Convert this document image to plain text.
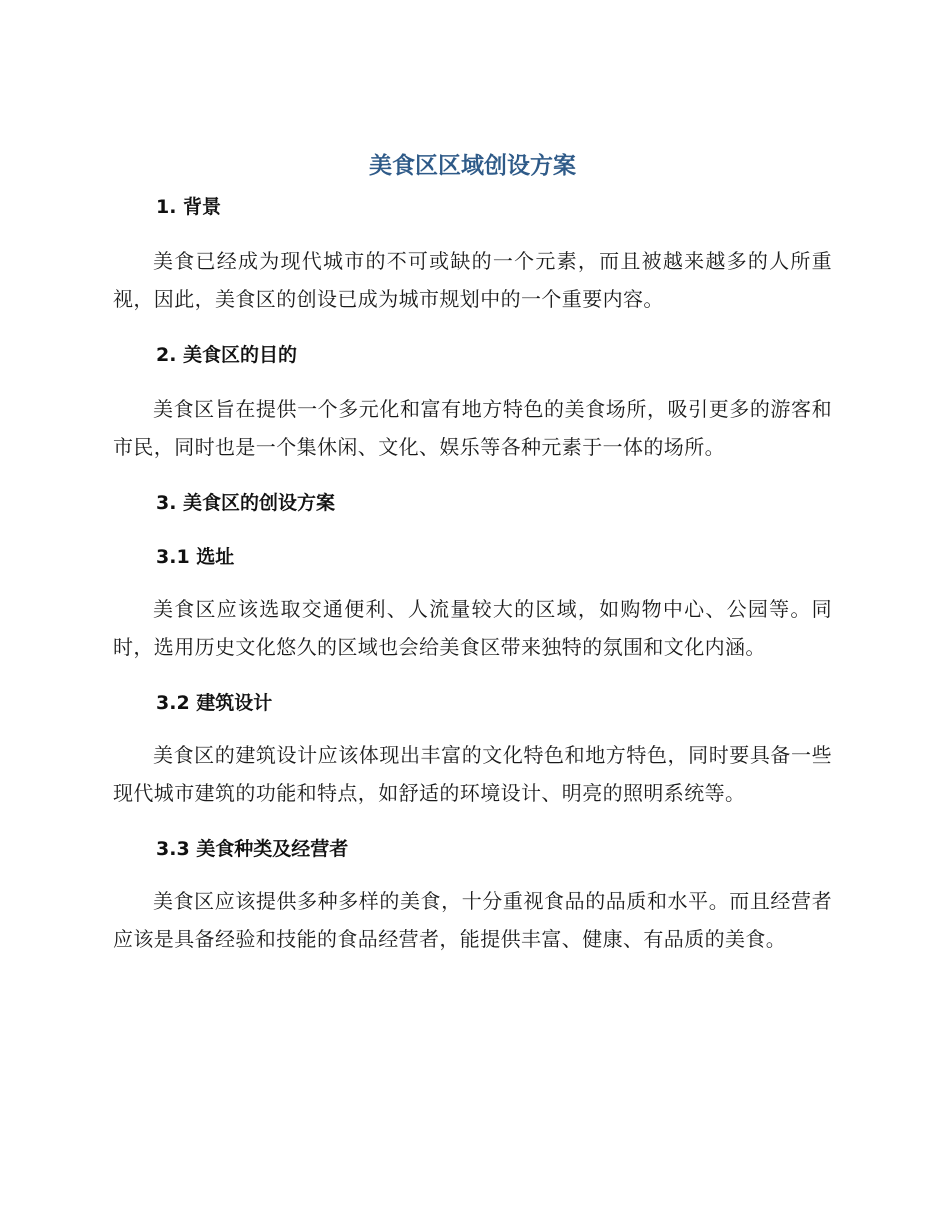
美食区区域创设方案
1. 背景

美食已经成为现代城市的不可或缺的一个元素，而且被越来越多的人所重视，因此，美食区的创设已成为城市规划中的一个重要内容。

2. 美食区的目的

美食区旨在提供一个多元化和富有地方特色的美食场所，吸引更多的游客和市民，同时也是一个集休闲、文化、娱乐等各种元素于一体的场所。

3. 美食区的创设方案
3.1 选址

美食区应该选取交通便利、人流量较大的区域，如购物中心、公园等。同时，选用历史文化悠久的区域也会给美食区带来独特的氛围和文化内涵。

3.2 建筑设计

美食区的建筑设计应该体现出丰富的文化特色和地方特色，同时要具备一些现代城市建筑的功能和特点，如舒适的环境设计、明亮的照明系统等。

3.3 美食种类及经营者

美食区应该提供多种多样的美食，十分重视食品的品质和水平。而且经营者应该是具备经验和技能的食品经营者，能提供丰富、健康、有品质的美食。
